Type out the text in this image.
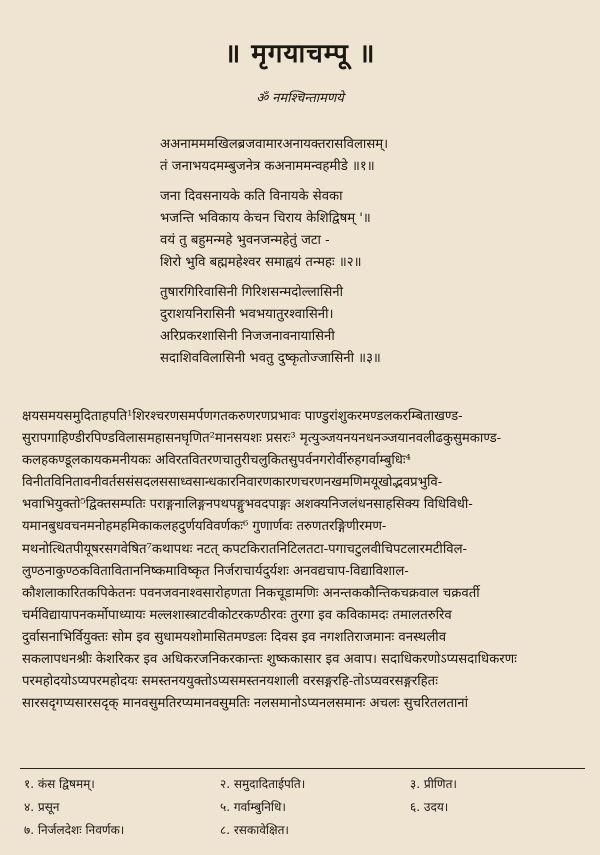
॥ मृगयाचम्पू ॥
ॐ नमश्चिन्तामणये
अअनामममखिलब्रजवामारअनायक्तरासविलासम्।
तं जनाभयदमम्बुजनेत्र कअनाममन्वहमीडे ॥१॥
जना दिवसनायके कति विनायके सेवका
भजन्ति भविकाय केचन चिराय केशिद्विषम् '॥
वयं तु बहुमन्महे भुवनजन्महेतुं जटा -
शिरो भुवि बह्ममहेश्वर समाह्वयं तन्महः ॥२॥
तुषारगिरिवासिनी गिरिशसन्मदोल्लासिनी
दुराशयनिरासिनी भवभयातुरश्वासिनी।
अरिप्रकरशासिनी निजजनावनायासिनी
सदाशिवविलासिनी भवतु दुष्कृतोज्जासिनी ॥३॥
क्षयसमयसमुदिताहपति¹शिरश्चरणसमर्पणगतकरुणरणप्रभावः पाण्डुरांशुकरमण्डलकरम्बिताखण्ड-
सुरापगाहिण्डीरपिण्डविलासमहासनघृणित²मानसयशः प्रसरः³ मृत्युञ्जयनयनधनञ्जयानवलीढकुसुमकाण्ड-
कलहकण्डूलकायकमनीयकः अविरतवितरणचातुरीचलुकितसुपर्वनगरोर्वीरुहगर्वाम्बुधिः⁴
विनीतविनितावनीवर्तससंसदलससाध्वसान्धकारनिवारणकारणचरणनखमणिमयूखोद्भवप्रभुवि-
भवाभियुक्तो⁵द्विक्तसम्पतिः पराङ्गनालिङ्गनपथपङ्गुभवदपाङ्गः अशक्यनिजलंधनसाहसिक्य विधिविधी-
यमानबुधवचनमनोहमहमिकाकलहदुर्णयविवर्णकः⁶ गुणार्णवः तरुणतरङ्गिणीरमण-
मथनोत्थितपीयूषरसगवेषित⁷कथापथः नटत् कपटकिरातनिटिलतटा-पगाचटुलवीचिपटलारमटीविल-
लुण्ठनाकुण्ठकविताविताननिष्कमाविष्कृत निर्जराचार्यदुर्यशः अनवद्यचाप-विद्याविशाल-
कौशलाकारितकपिकेतनः पवनजवनाश्वसारोहणता निकचूडामणिः अनन्तककौन्तिकचक्रवाल चक्रवर्ती
चर्मविद्यायापनकर्मोपाध्यायः मल्लशास्त्राटवीकोटरकण्ठीरवः तुरगा इव कविकामदः तमालतरुरिव
दुर्वासनाभिर्वियुक्तः सोम इव सुधामयशोमासितमण्डलः दिवस इव नगशतिराजमानः वनस्थलीव
सकलापधनश्रीः केशरिकर इव अधिकरजनिकरकान्तः शुष्ककासार इव अवाप। सदाधिकरणोऽप्यसदाधिकरणः
परमहोदयोऽप्यपरमहोदयः समस्तनययुक्तोऽप्यसमस्तनयशाली वरसङ्गरहि-तोऽप्यवरसङ्गरहितः
सारसदृगप्यसारसदृक् मानवसुमतिरप्यमानवसुमतिः नलसमानोऽप्यनलसमानः अचलः सुचरितलतानां
१. कंस द्विषमम्।	२. समुदादिताईपति।	३. प्रीणित।
४. प्रसून	५. गर्वाम्बुनिधि।	६. उदय।
७. निर्जलदेशः निवर्णक।	८. रसकावेक्षित।
